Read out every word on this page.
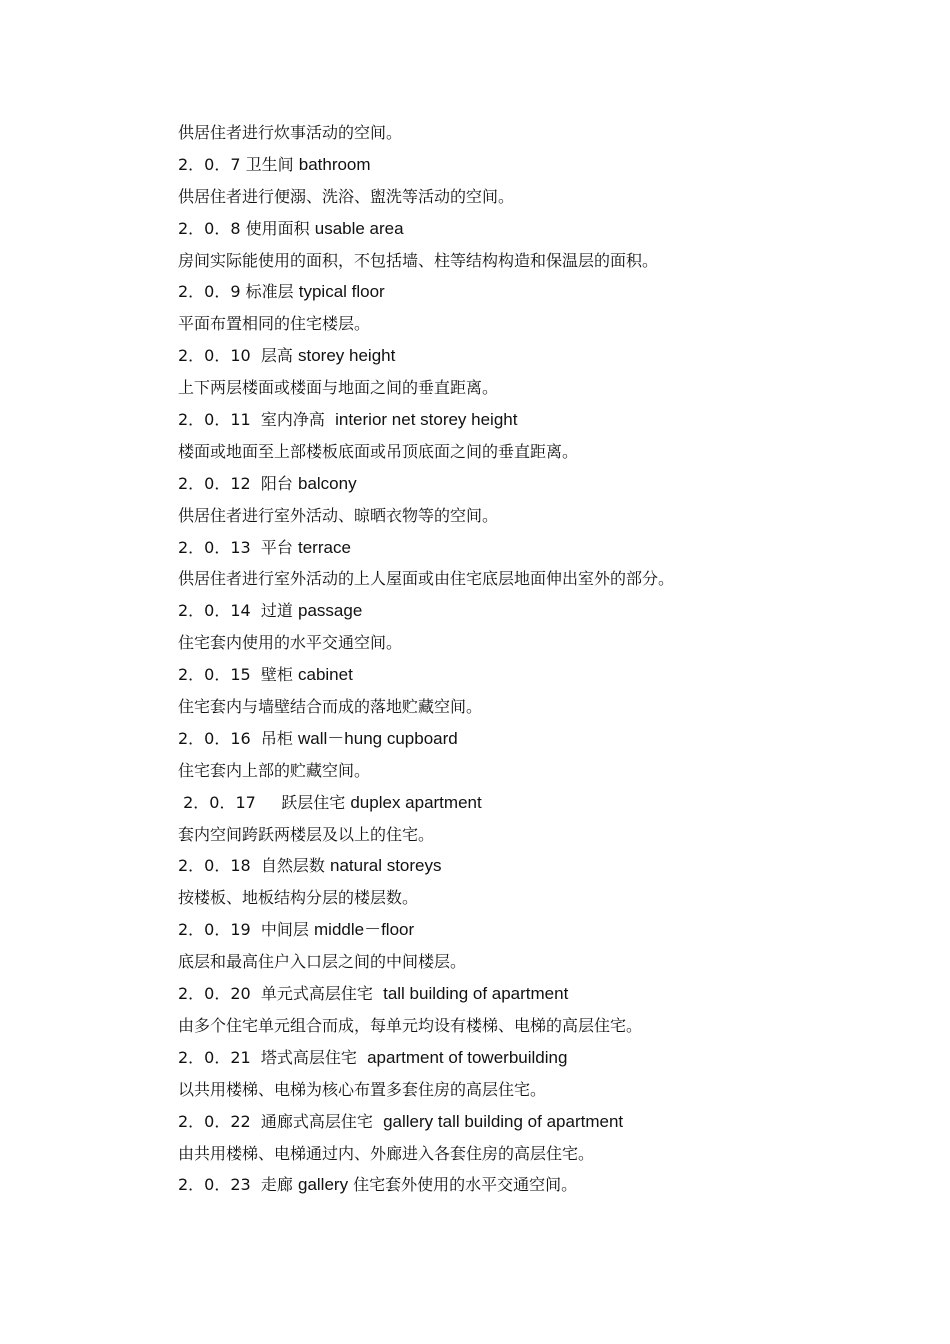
供居住者进行炊事活动的空间。
2．0．7 卫生间 bathroom
供居住者进行便溺、洗浴、盥洗等活动的空间。
2．0．8 使用面积 usable area
房间实际能使用的面积，不包括墙、柱等结构构造和保温层的面积。
2．0．9 标准层 typical floor
平面布置相同的住宅楼层。
2．0．10  层高 storey height
上下两层楼面或楼面与地面之间的垂直距离。
2．0．11  室内净高  interior net storey height
楼面或地面至上部楼板底面或吊顶底面之间的垂直距离。
2．0．12  阳台 balcony
供居住者进行室外活动、晾晒衣物等的空间。
2．0．13  平台 terrace
供居住者进行室外活动的上人屋面或由住宅底层地面伸出室外的部分。
2．0．14  过道 passage
住宅套内使用的水平交通空间。
2．0．15  壁柜 cabinet
住宅套内与墙壁结合而成的落地贮藏空间。
2．0．16  吊柜 wall－hung cupboard
住宅套内上部的贮藏空间。
2．0．17     跃层住宅 duplex apartment
套内空间跨跃两楼层及以上的住宅。
2．0．18  自然层数 natural storeys
按楼板、地板结构分层的楼层数。
2．0．19  中间层 middle－floor
底层和最高住户入口层之间的中间楼层。
2．0．20  单元式高层住宅  tall building of apartment
由多个住宅单元组合而成，每单元均设有楼梯、电梯的高层住宅。
2．0．21  塔式高层住宅  apartment of towerbuilding
以共用楼梯、电梯为核心布置多套住房的高层住宅。
2．0．22  通廊式高层住宅  gallery tall building of apartment
由共用楼梯、电梯通过内、外廊进入各套住房的高层住宅。
2．0．23  走廊 gallery 住宅套外使用的水平交通空间。
